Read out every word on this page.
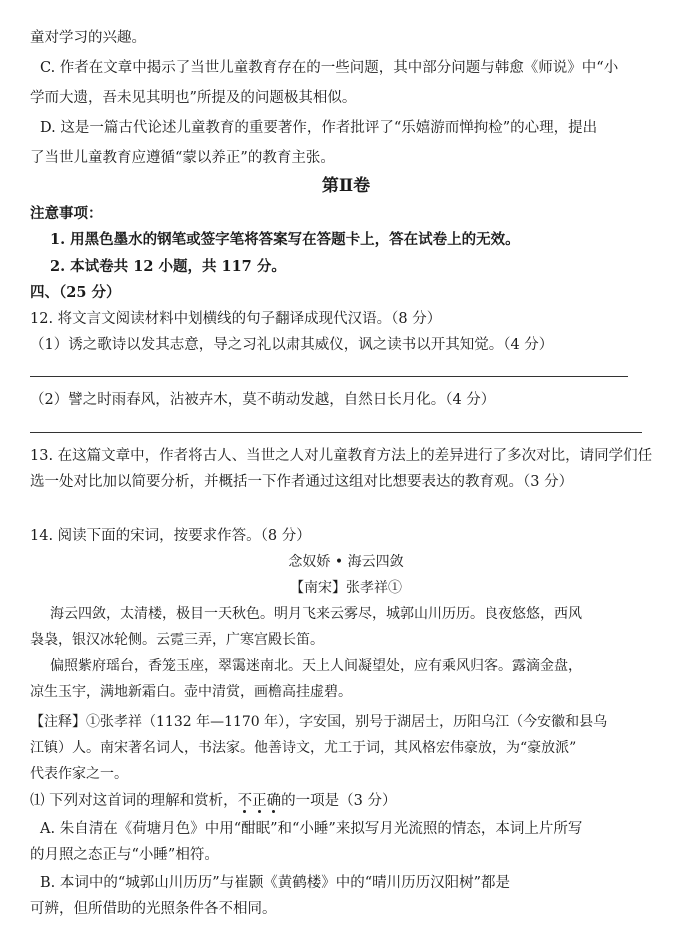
童对学习的兴趣。
C. 作者在文章中揭示了当世儿童教育存在的一些问题，其中部分问题与韩愈《师说》中“小
学而大遗，吾未见其明也”所提及的问题极其相似。
D. 这是一篇古代论述儿童教育的重要著作，作者批评了“乐嬉游而惮拘检”的心理，提出
了当世儿童教育应遵循“蒙以养正”的教育主张。
第Ⅱ卷
注意事项：
1. 用黑色墨水的钢笔或签字笔将答案写在答题卡上，答在试卷上的无效。
2. 本试卷共 12 小题，共 117 分。
四、（25 分）
12. 将文言文阅读材料中划横线的句子翻译成现代汉语。（8 分）
（1）诱之歌诗以发其志意，导之习礼以肃其威仪，讽之读书以开其知觉。（4 分）
（2）譬之时雨春风，沾被卉木，莫不萌动发越，自然日长月化。（4 分）
13. 在这篇文章中，作者将古人、当世之人对儿童教育方法上的差异进行了多次对比，请同学们任
选一处对比加以简要分析，并概括一下作者通过这组对比想要表达的教育观。（3 分）
14. 阅读下面的宋词，按要求作答。（8 分）
念奴娇 • 海云四敛
【南宋】张孝祥①
海云四敛，太清楼，极目一天秋色。明月飞来云雾尽，城郭山川历历。良夜悠悠，西风
袅袅，银汉冰轮侧。云霓三弄，广寒宫殿长笛。
偏照紫府瑶台，香笼玉座，翠霭迷南北。天上人间凝望处，应有乘风归客。露滴金盘，
凉生玉宇，满地新霜白。壶中清赏，画檐高挂虚碧。
【注释】①张孝祥（1132 年—1170 年），字安国，别号于湖居士，历阳乌江（今安徽和县乌
江镇）人。南宋著名词人，书法家。他善诗文，尤工于词，其风格宏伟豪放，为“豪放派”
代表作家之一。
⑴ 下列对这首词的理解和赏析，不正确的一项是（3 分）
A. 朱自清在《荷塘月色》中用“酣眠”和“小睡”来拟写月光流照的情态，本词上片所写
的月照之态正与“小睡”相符。
B. 本词中的“城郭山川历历”与崔颢《黄鹤楼》中的“晴川历历汉阳树”都是
可辨，但所借助的光照条件各不相同。
